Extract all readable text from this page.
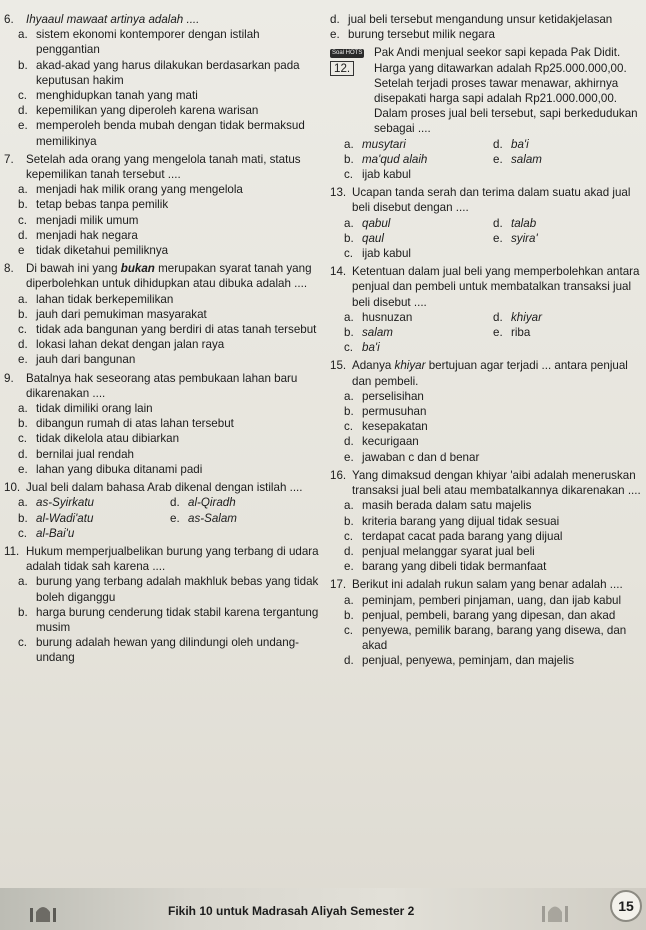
6.	Ihyaaul mawaat artinya adalah ....
a. sistem ekonomi kontemporer dengan istilah penggantian
b. akad-akad yang harus dilakukan berdasarkan pada keputusan hakim
c. menghidupkan tanah yang mati
d. kepemilikan yang diperoleh karena warisan
e. memperoleh benda mubah dengan tidak bermaksud memilikinya
7.	Setelah ada orang yang mengelola tanah mati, status kepemilikan tanah tersebut ....
a. menjadi hak milik orang yang mengelola
b. tetap bebas tanpa pemilik
c. menjadi milik umum
d. menjadi hak negara
e tidak diketahui pemiliknya
8.	Di bawah ini yang bukan merupakan syarat tanah yang diperbolehkan untuk dihidupkan atau dibuka adalah ....
a. lahan tidak berkepemilikan
b. jauh dari pemukiman masyarakat
c. tidak ada bangunan yang berdiri di atas tanah tersebut
d. lokasi lahan dekat dengan jalan raya
e. jauh dari bangunan
9.	Batalnya hak seseorang atas pembukaan lahan baru dikarenakan ....
a. tidak dimiliki orang lain
b. dibangun rumah di atas lahan tersebut
c. tidak dikelola atau dibiarkan
d. bernilai jual rendah
e. lahan yang dibuka ditanami padi
10. Jual beli dalam bahasa Arab dikenal dengan istilah ....
a. as-Syirkatu	d. al-Qiradh
b. al-Wadi'atu	e. as-Salam
c. al-Bai'u
11. Hukum memperjualbelikan burung yang terbang di udara adalah tidak sah karena ....
a. burung yang terbang adalah makhluk bebas yang tidak boleh diganggu
b. harga burung cenderung tidak stabil karena tergantung musim
c. burung adalah hewan yang dilindungi oleh undang-undang
d. jual beli tersebut mengandung unsur ketidakjelasan
e. burung tersebut milik negara
Soal HOTS12.
Pak Andi menjual seekor sapi kepada Pak Didit. Harga yang ditawarkan adalah Rp25.000.000,00. Setelah terjadi proses tawar menawar, akhirnya disepakati harga sapi adalah Rp21.000.000,00. Dalam proses jual beli tersebut, sapi berkedudukan sebagai ....
a. musytari	d. ba'i
b. ma'qud alaih	e. salam
c. ijab kabul
13. Ucapan tanda serah dan terima dalam suatu akad jual beli disebut dengan ....
a. qabul	d. talab
b. qaul	e. syira'
c. ijab kabul
14. Ketentuan dalam jual beli yang memperbolehkan antara penjual dan pembeli untuk membatalkan transaksi jual beli disebut ....
a. husnuzan	d. khiyar
b. salam	e. riba
c. ba'i
15. Adanya khiyar bertujuan agar terjadi ... antara penjual dan pembeli.
a. perselisihan
b. permusuhan
c. kesepakatan
d. kecurigaan
e. jawaban c dan d benar
16. Yang dimaksud dengan khiyar 'aibi adalah meneruskan transaksi jual beli atau membatalkannya dikarenakan ....
a. masih berada dalam satu majelis
b. kriteria barang yang dijual tidak sesuai
c. terdapat cacat pada barang yang dijual
d. penjual melanggar syarat jual beli
e. barang yang dibeli tidak bermanfaat
17. Berikut ini adalah rukun salam yang benar adalah ....
a. peminjam, pemberi pinjaman, uang, dan ijab kabul
b. penjual, pembeli, barang yang dipesan, dan akad
c. penyewa, pemilik barang, barang yang disewa, dan akad
d. penjual, penyewa, peminjam, dan majelis
Fikih 10 untuk Madrasah Aliyah Semester 2	15
